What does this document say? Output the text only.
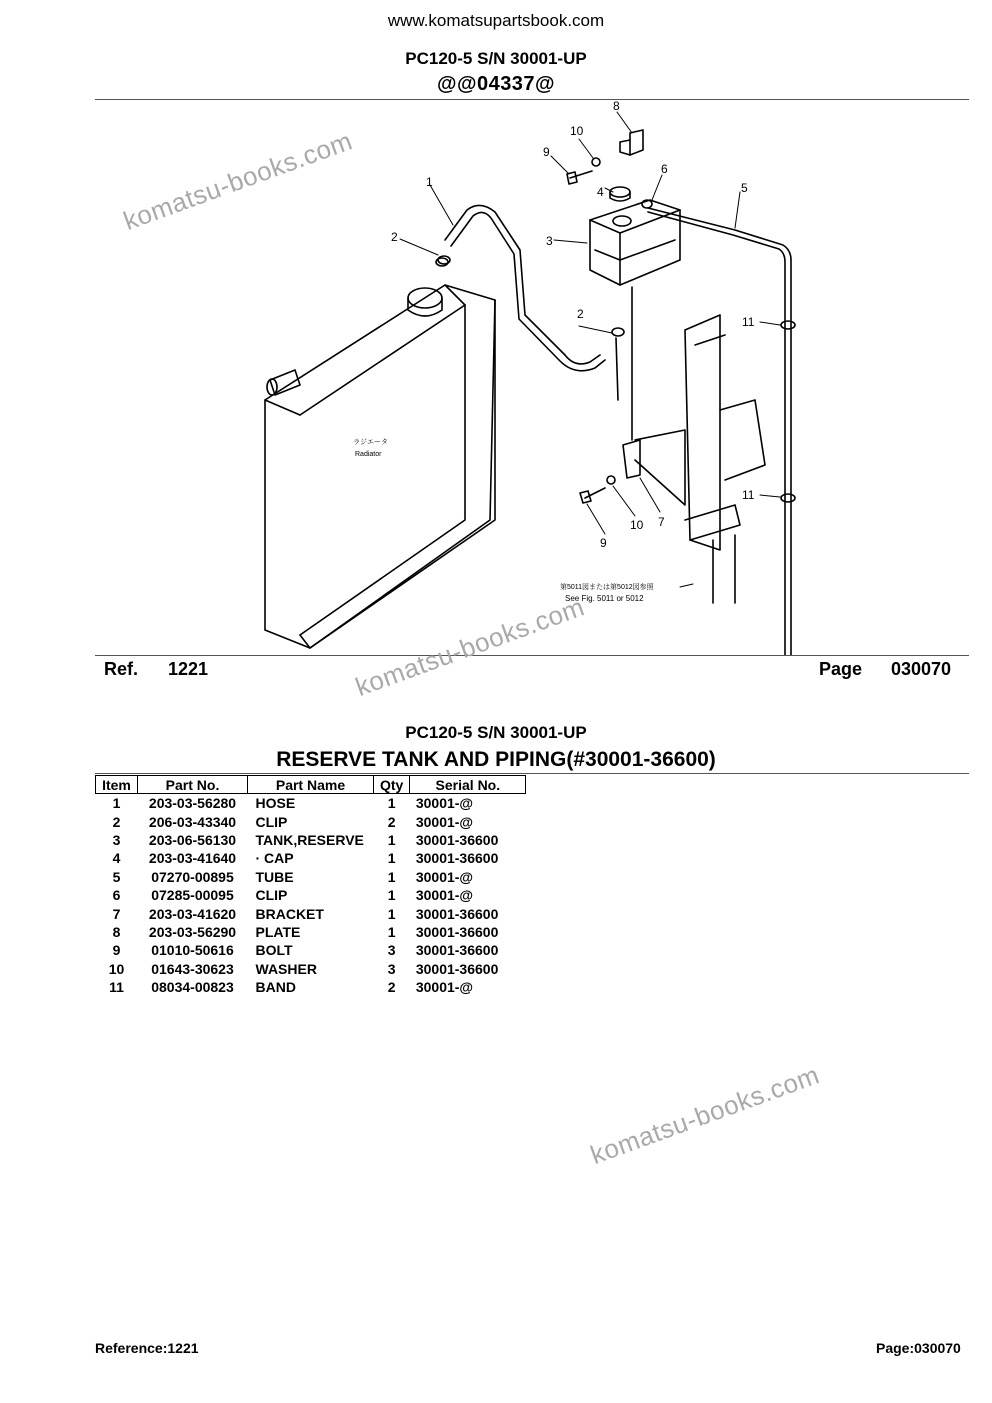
www.komatsupartsbook.com
PC120-5 S/N 30001-UP
@@04337@
1
2	3
4	5
6
8
9
10
11
2
11
10
9
7
ラジエータ
Radiator
第5011図または第5012図参照
See Fig. 5011 or 5012
Ref. 1221	Page 030070
komatsu-books.com
komatsu-books.com
komatsu-books.com
PC120-5 S/N 30001-UP
RESERVE TANK AND PIPING(#30001-36600)
Item	Part No.	Part Name	Qty	Serial No.
1	203-03-56280	HOSE	1	30001-@
2	206-03-43340	CLIP	2	30001-@
3	203-06-56130	TANK,RESERVE	1	30001-36600
4	203-03-41640	· CAP	1	30001-36600
5	07270-00895	TUBE	1	30001-@
6	07285-00095	CLIP	1	30001-@
7	203-03-41620	BRACKET	1	30001-36600
8	203-03-56290	PLATE	1	30001-36600
9	01010-50616	BOLT	3	30001-36600
10	01643-30623	WASHER	3	30001-36600
11	08034-00823	BAND	2	30001-@
Reference:1221	Page:030070
